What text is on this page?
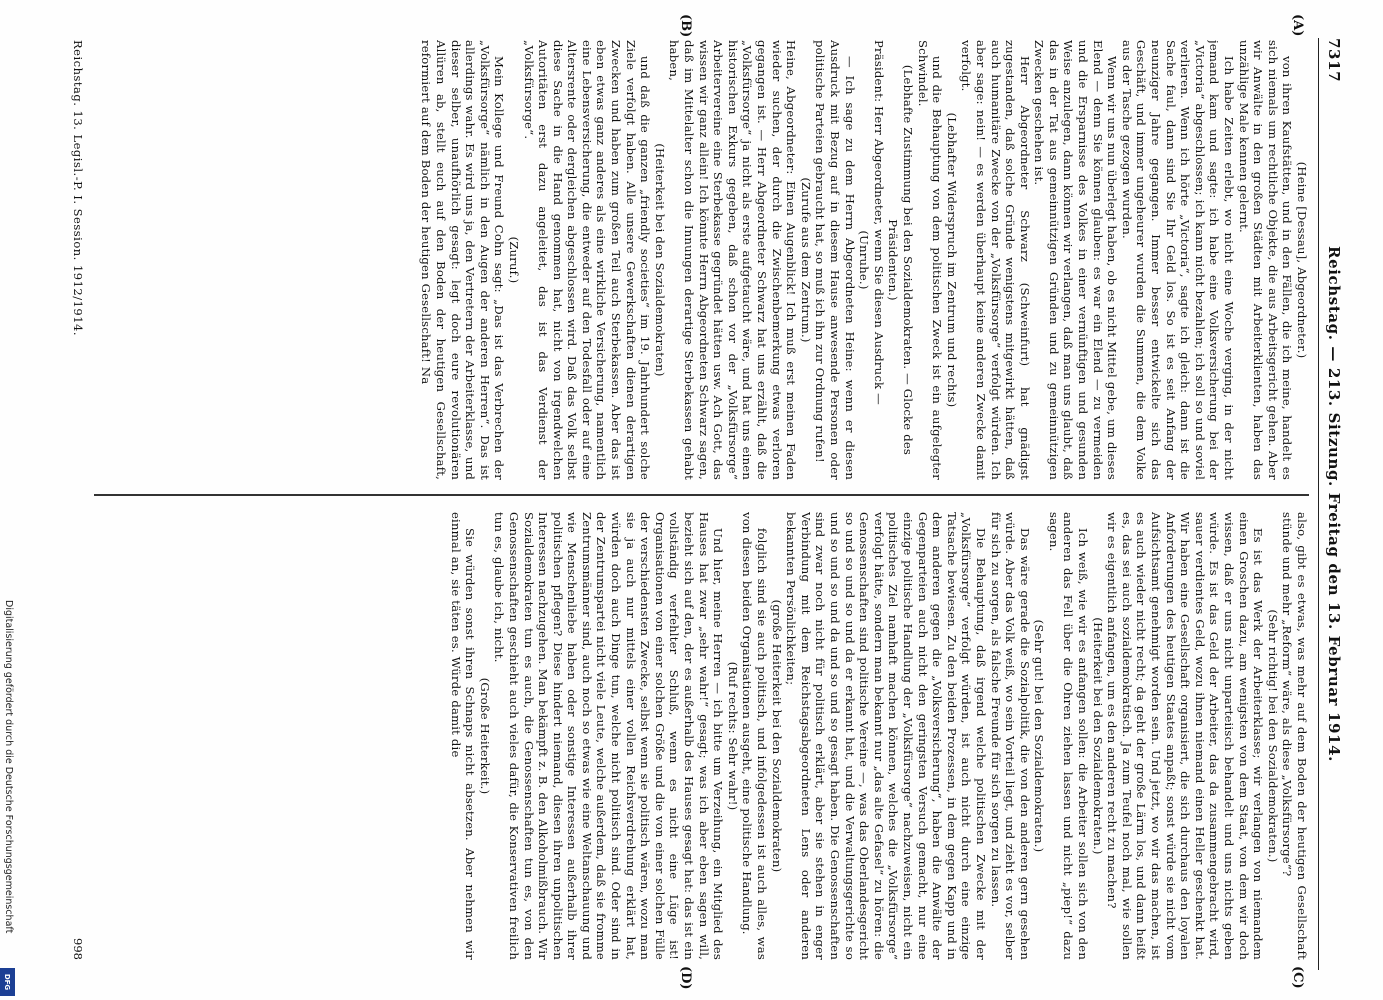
7317
Reichstag. — 213. Sitzung. Freitag den 13. Februar 1914.
(A)
(B)
(C)
(D)

(Heine [Dessau], Abgeordneter.)

von ihren Kaufstätten, und in den Fällen, die ich meine, handelt es sich niemals um rechtliche Objekte, die aus Arbeitsgericht gehen. Aber wir Anwälte in den großen Städten mit Arbeiterklienten, haben das unzählige Male kennen gelernt.

Ich habe Zeiten erlebt, wo nicht eine Woche verging, in der nicht jemand kam und sagte: ich habe eine Volksversicherung bei der „Victoria“ abgeschlossen; ich kann nicht bezahlen; ich soll so und soviel verlieren. Wenn ich hörte „Victoria“, sagte ich gleich: dann ist die Sache faul, dann sind Sie Ihr Geld los. So ist es seit Anfang der neunziger Jahre gegangen. Immer besser entwickelte sich das Geschäft, und immer ungeheurer wurden die Summen, die dem Volke aus der Tasche gezogen wurden.

Wenn wir uns nun überlegt haben, ob es nicht Mittel gebe, um dieses Elend — denn Sie können glauben: es war ein Elend — zu vermeiden und die Ersparnisse des Volkes in einer vernünftigen und gesunden Weise anzulegen, dann können wir verlangen, daß man uns glaubt, daß das in der Tat aus gemeinnützigen Gründen und zu gemeinnützigen Zwecken geschehen ist.

Herr Abgeordneter Schwarz (Schweinfurt) hat gnädigst zugestanden, daß solche Gründe wenigstens mitgewirkt hätten, daß auch humanitäre Zwecke von der „Volksfürsorge“ verfolgt würden. Ich aber sage: nein! — es werden überhaupt keine anderen Zwecke damit verfolgt.

(Lebhafter Widerspruch im Zentrum und rechts)

und die Behauptung von dem politischen Zweck ist ein aufgelegter Schwindel.

(Lebhafte Zustimmung bei den Sozialdemokraten. — Glocke des Präsidenten.)

Präsident: Herr Abgeordneter, wenn Sie diesen Ausdruck —

(Unruhe.)

— Ich sage zu dem Herrn Abgeordneten Heine: wenn er diesen Ausdruck mit Bezug auf in diesem Hause anwesende Personen oder politische Parteien gebraucht hat, so muß ich ihn zur Ordnung rufen!

(Zurufe aus dem Zentrum.)

Heine, Abgeordneter: Einen Augenblick! Ich muß erst meinen Faden wieder suchen, der durch die Zwischenbemerkung etwas verloren gegangen ist. — Herr Abgeordneter Schwarz hat uns erzählt, daß die „Volksfürsorge“ ja nicht als erste aufgetaucht wäre, und hat uns einen historischen Exkurs gegeben, daß schon vor der „Volksfürsorge“ Arbeitervereine eine Sterbekasse gegründet hätten usw. Ach Gott, das wissen wir ganz allein! Ich könnte Herrn Abgeordneten Schwarz sagen, daß im Mittelalter schon die Innungen derartige Sterbekassen gehabt haben,

(Heiterkeit bei den Sozialdemokraten)

und daß die ganzen „friendly societies“ im 19. Jahrhundert solche Ziele verfolgt haben. Alle unsere Gewerkschaften dienen derartigen Zwecken und haben zum großen Teil auch Sterbekassen. Aber das ist eben etwas ganz anderes als eine wirkliche Versicherung, namentlich eine Lebensversicherung, die entweder auf den Todesfall oder auf eine Altersrente oder dergleichen abgeschlossen wird. Daß das Volk selbst diese Sache in die Hand genommen hat, nicht von irgendwelchen Autoritäten erst dazu angeleitet, das ist das Verdienst der „Volksfürsorge“.

(Zuruf.)

Mein Kollege und Freund Cohn sagt: „Das ist das Verbrechen der „Volksfürsorge“ nämlich in den Augen der anderen Herren“. Das ist allerdings wahr. Es wird uns ja, den Vertretern der Arbeiterklasse, und dieser selber, unaufhörlich gesagt: legt doch eure revolutionären Allüren ab, stellt euch auf den Boden der heutigen Gesellschaft, reformiert auf dem Boden der heutigen Gesellschaft! Na

also, gibt es etwas, was mehr auf dem Boden der heutigen Gesellschaft stünde und mehr „Reform“ wäre, als diese „Volksfürsorge“?

(Sehr richtig! bei den Sozialdemokraten.)

Es ist das Werk der Arbeiterklasse; wir verlangen von niemandem einen Groschen dazu, am wenigsten von dem Staat, von dem wir doch wissen, daß er uns nicht unparteiisch behandelt und uns nichts geben würde. Es ist das Geld der Arbeiter, das da zusammengebracht wird, sauer verdientes Geld, wozu ihnen niemand einen Heller geschenkt hat. Wir haben eine Gesellschaft organisiert, die sich durchaus den loyalen Anforderungen des heutigen Staates anpaßt; sonst würde sie nicht vom Aufsichtsamt genehmigt worden sein. Und jetzt, wo wir das machen, ist es auch wieder nicht recht; da geht der große Lärm los, und dann heißt es, das sei auch sozialdemokratisch. Ja zum Teufel noch mal, wie sollen wir es eigentlich anfangen, um es den anderen recht zu machen?

(Heiterkeit bei den Sozialdemokraten.)

Ich weiß, wie wir es anfangen sollen: die Arbeiter sollen sich von den anderen das Fell über die Ohren ziehen lassen und nicht „piep!“ dazu sagen.

(Sehr gut! bei den Sozialdemokraten.)

Das wäre gerade die Sozialpolitik, die von den anderen gern gesehen würde. Aber das Volk weiß, wo sein Vorteil liegt, und zieht es vor, selber für sich zu sorgen, als falsche Freunde für sich sorgen zu lassen.

Die Behauptung, daß irgend welche politischen Zwecke mit der „Volksfürsorge“ verfolgt würden, ist auch nicht durch eine einzige Tatsache bewiesen. Zu den beiden Prozessen, in dem gegen Kapp und in dem anderen gegen die „Volksversicherung“, haben die Anwälte der Gegenparteien auch nicht den geringsten Versuch gemacht, nur eine einzige politische Handlung der „Volksfürsorge“ nachzuweisen, nicht ein politisches Ziel namhaft machen können, welches die „Volksfürsorge“ verfolgt hätte, sondern man bekannt nur „das alte Gefasel“ zu hören: die Genossenschaften sind politische Vereine —, was das Oberlandesgericht so und so und so und da er erkannt hat, und die Verwaltungsgerichte so und so und so und da und so und so gesagt haben. Die Genossenschaften sind zwar noch nicht für politisch erklärt, aber sie stehen in enger Verbindung mit dem Reichstagsabgeordneten Lens oder anderen bekannten Persönlichkeiten;

(große Heiterkeit bei den Sozialdemokraten)

folglich sind sie auch politisch, und infolgedessen ist auch alles, was von diesen beiden Organisationen ausgeht, eine politische Handlung.

(Ruf rechts: Sehr wahr!)

Und hier, meine Herren — ich bitte um Verzeihung, ein Mitglied des Hauses hat zwar „sehr wahr!“ gesagt; was ich aber eben sagen will, bezieht sich auf den, der es außerhalb des Hauses gesagt hat: das ist ein vollständig verfehlter Schluß, wenn es nicht eine Lüge ist! Organisationen von einer solchen Größe und die von einer solchen Fülle der verschiedensten Zwecke, selbst wenn sie politisch wären, wozu man sie ja auch nur mittels einer vollen Reichsverdrehung erklärt hat, würden doch auch Dinge tun, welche nicht politisch sind. Oder sind in der Zentrumspartei nicht viele Leute, welche außerdem, daß sie fromme Zentrumsmänner sind, auch noch so etwas wie eine Weltanschauung und wie Menschenliebe haben oder sonstige Interessen außerhalb ihrer politischen pflegen? Diese hindert niemand, diesen ihren unpolitischen Interessen nachzugehen. Man bekämpft z. B. den Alkoholmißbrauch. Wir Sozialdemokraten tun es auch, die Genossenschaften tun es, von den Genossenschaften geschieht auch vieles dafür, die Konservativen freilich tun es, glaube ich, nicht.

(Große Heiterkeit.)

Sie würden sonst ihren Schnaps nicht absetzen. Aber nehmen wir einmal an, sie täten es. Würde damit die

Reichstag. 13. Legisl.-P. I. Session. 1912/1914.
998
Digitalisierung gefördert durch die Deutsche Forschungsgemeinschaft
DFG
